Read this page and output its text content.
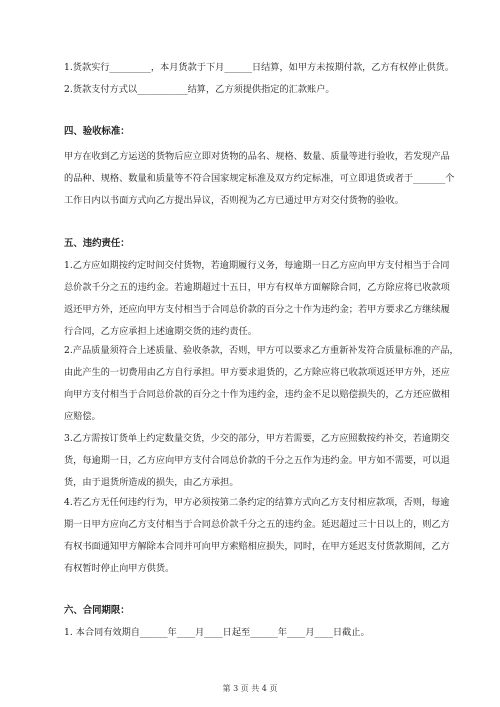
1.货款实行_________，本月货款于下月______日结算，如甲方未按期付款，乙方有权停止供货。
2.货款支付方式以___________结算，乙方须提供指定的汇款账户。
四、验收标准：
甲方在收到乙方运送的货物后应立即对货物的品名、规格、数量、质量等进行验收，若发现产品
的品种、规格、数量和质量等不符合国家规定标准及双方约定标准，可立即退货或者于_______个
工作日内以书面方式向乙方提出异议，否则视为乙方已通过甲方对交付货物的验收。
五、违约责任：
1.乙方应如期按约定时间交付货物，若逾期履行义务，每逾期一日乙方应向甲方支付相当于合同
总价款千分之五的违约金。若逾期超过十五日，甲方有权单方面解除合同，乙方除应将已收款项
返还甲方外，还应向甲方支付相当于合同总价款的百分之十作为违约金；若甲方要求乙方继续履
行合同，乙方应承担上述逾期交货的违约责任。
2.产品质量须符合上述质量、验收条款，否则，甲方可以要求乙方重新补发符合质量标准的产品，
由此产生的一切费用由乙方自行承担。甲方要求退货的，乙方除应将已收款项返还甲方外，还应
向甲方支付相当于合同总价款的百分之十作为违约金，违约金不足以赔偿损失的，乙方还应做相
应赔偿。
3.乙方需按订货单上约定数量交货，少交的部分，甲方若需要，乙方应照数按约补交，若逾期交
货，每逾期一日，乙方应向甲方支付合同总价款的千分之五作为违约金。甲方如不需要，可以退
货，由于退货所造成的损失，由乙方承担。
4.若乙方无任何违约行为，甲方必须按第二条约定的结算方式向乙方支付相应款项，否则，每逾
期一日甲方应向乙方支付相当于合同总价款千分之五的违约金。延迟超过三十日以上的，则乙方
有权书面通知甲方解除本合同并可向甲方索赔相应损失，同时，在甲方延迟支付货款期间，乙方
有权暂时停止向甲方供货。
六、合同期限：
1. 本合同有效期自______年____月____日起至______年____月____日截止。
第 3 页 共 4 页
